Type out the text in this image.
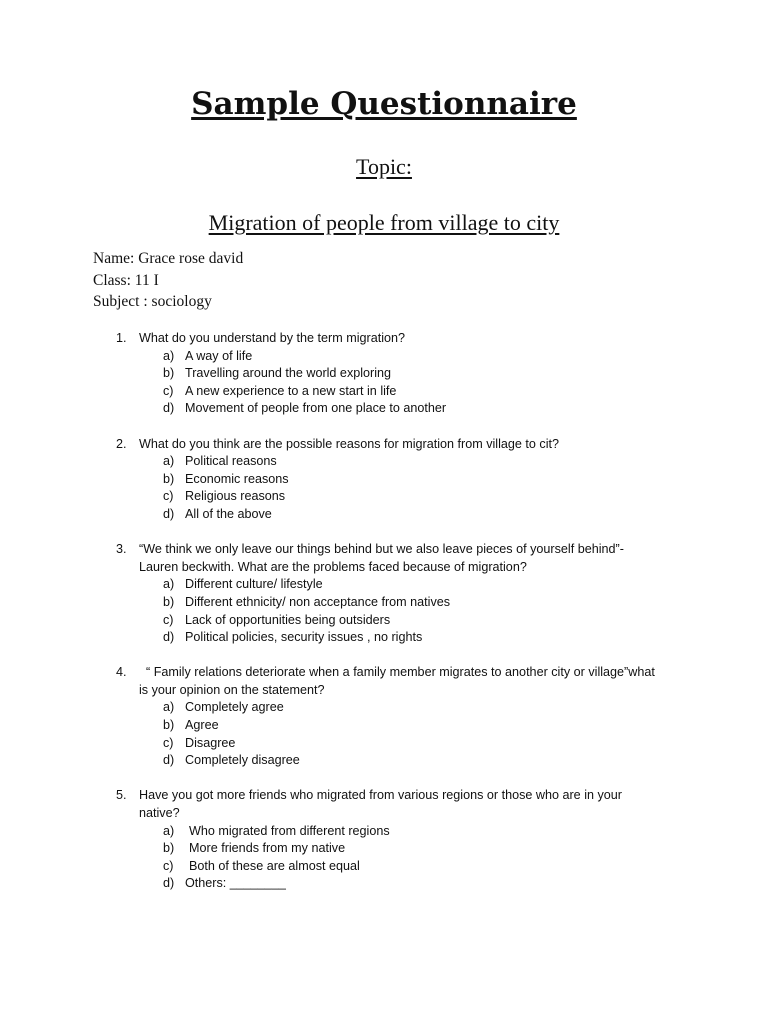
Sample Questionnaire
Topic:
Migration of people from village to city
Name: Grace rose david
Class: 11 I
Subject : sociology
1. What do you understand by the term migration?
a) A way of life
b) Travelling around the world exploring
c) A new experience to a new start in life
d) Movement of people from one place to another
2. What do you think are the possible reasons for migration from village to cit?
a) Political reasons
b) Economic reasons
c) Religious reasons
d) All of the above
3. “We think we only leave our things behind but we also leave pieces of yourself behind”-Lauren beckwith. What are the problems faced because of migration?
a) Different culture/ lifestyle
b) Different ethnicity/ non acceptance from natives
c) Lack of opportunities being outsiders
d) Political policies, security issues , no rights
4. “ Family relations deteriorate when a family member migrates to another city or village”what is your opinion on the statement?
a) Completely agree
b) Agree
c) Disagree
d) Completely disagree
5. Have you got more friends who migrated from various regions or those who are in your native?
a) Who migrated from different regions
b) More friends from my native
c) Both of these are almost equal
d) Others: ________
